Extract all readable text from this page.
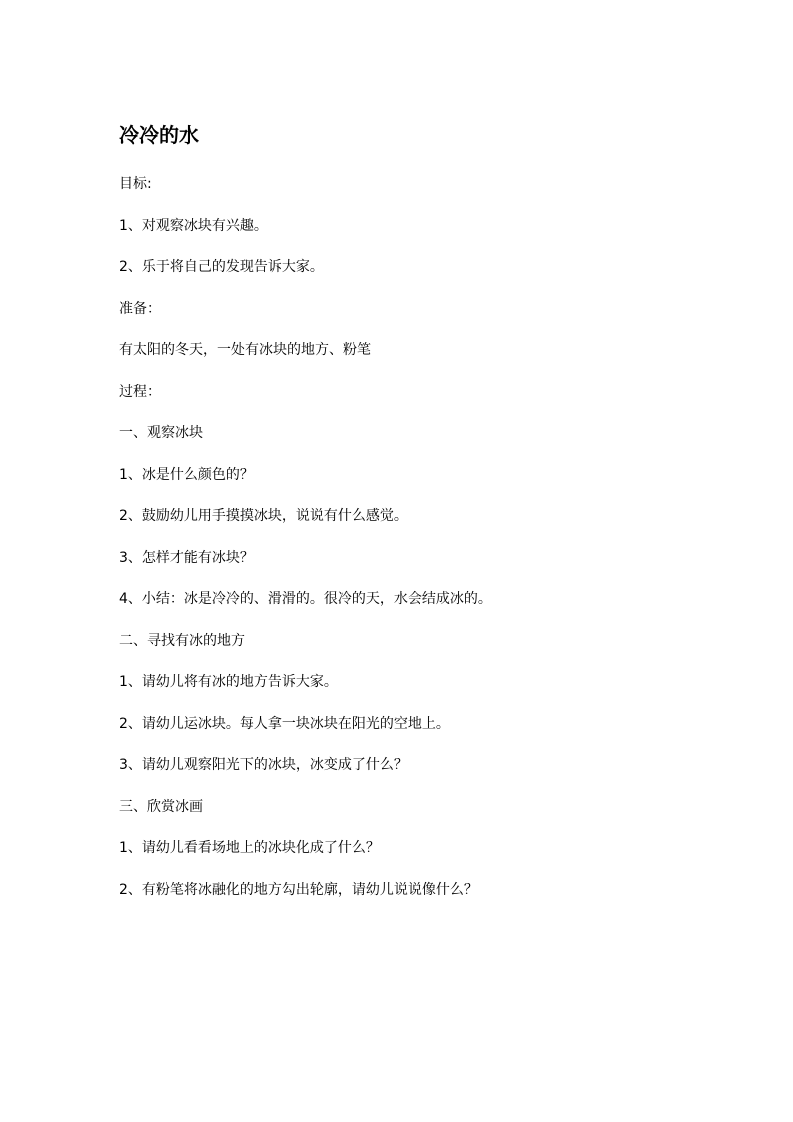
冷冷的水
目标:
1、对观察冰块有兴趣。
2、乐于将自己的发现告诉大家。
准备：
有太阳的冬天，一处有冰块的地方、粉笔
过程：
一、观察冰块
1、冰是什么颜色的？
2、鼓励幼儿用手摸摸冰块，说说有什么感觉。
3、怎样才能有冰块？
4、小结：冰是冷冷的、滑滑的。很冷的天，水会结成冰的。
二、寻找有冰的地方
1、请幼儿将有冰的地方告诉大家。
2、请幼儿运冰块。每人拿一块冰块在阳光的空地上。
3、请幼儿观察阳光下的冰块，冰变成了什么？
三、欣赏冰画
1、请幼儿看看场地上的冰块化成了什么？
2、有粉笔将冰融化的地方勾出轮廓，请幼儿说说像什么？
